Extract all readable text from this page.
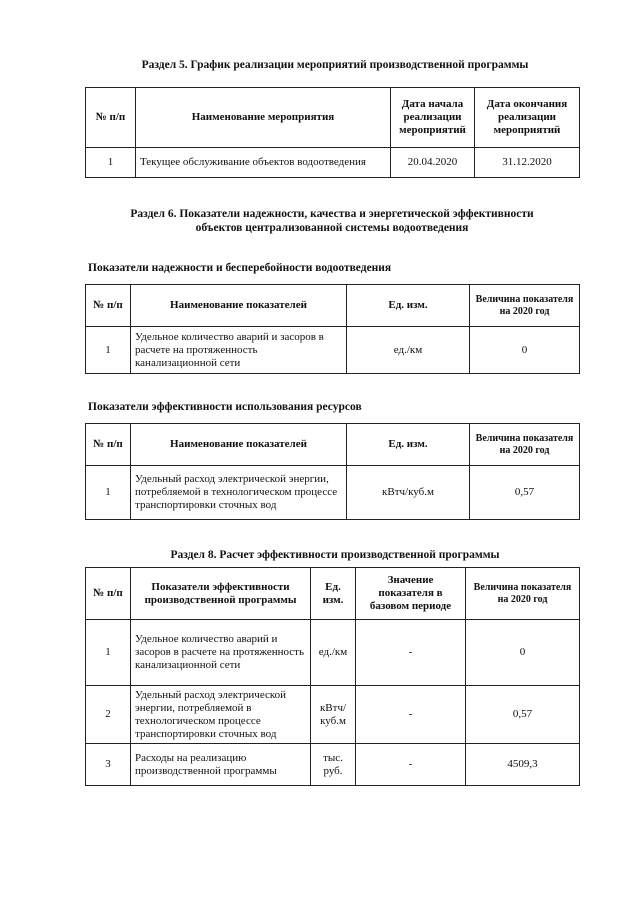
Раздел 5. График реализации мероприятий производственной программы
№ п/п	Наименование мероприятия	Дата начала реализации мероприятий	Дата окончания реализации мероприятий
1	Текущее обслуживание объектов водоотведения	20.04.2020	31.12.2020
Раздел 6. Показатели надежности, качества и энергетической эффективности
объектов централизованной системы водоотведения
Показатели надежности и бесперебойности водоотведения
№ п/п	Наименование показателей	Ед. изм.	Величина показателя на 2020 год
1	Удельное количество аварий и засоров в расчете на протяженность канализационной сети	ед./км	0
Показатели эффективности использования ресурсов
№ п/п	Наименование показателей	Ед. изм.	Величина показателя на 2020 год
1	Удельный расход электрической энергии, потребляемой в технологическом процессе транспортировки сточных вод	кВтч/куб.м	0,57
Раздел 8. Расчет эффективности производственной программы
№ п/п	Показатели эффективности производственной программы	Ед. изм.	Значение показателя в базовом периоде	Величина показателя на 2020 год
1	Удельное количество аварий и засоров в расчете на протяженность канализационной сети	ед./км	-	0
2	Удельный расход электрической энергии, потребляемой в технологическом процессе транспортировки сточных вод	кВтч/ куб.м	-	0,57
3	Расходы на реализацию производственной программы	тыс. руб.	-	4509,3
